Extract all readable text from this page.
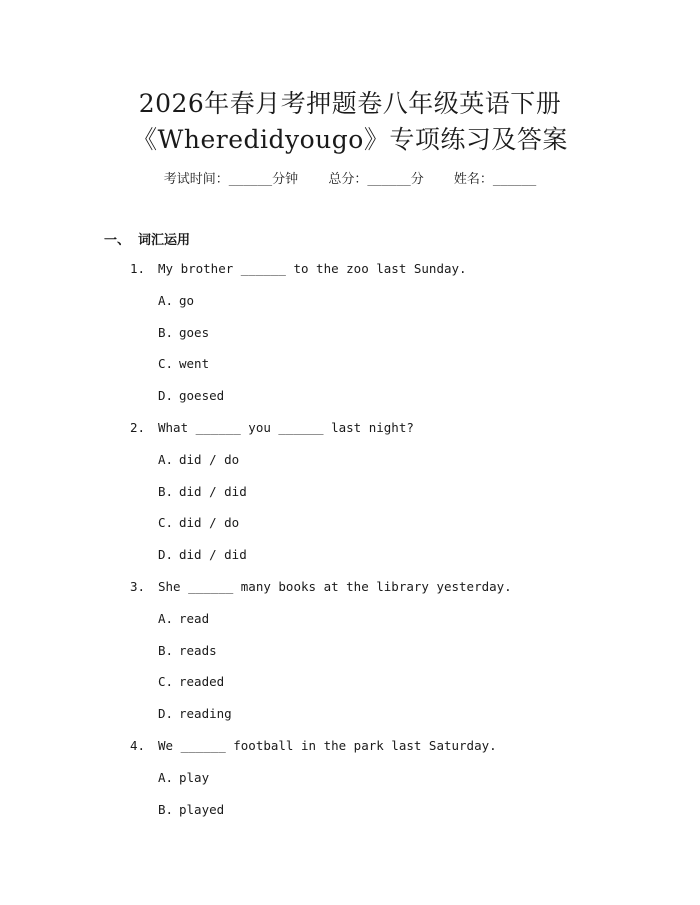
2026年春月考押题卷八年级英语下册
《Wheredidyougo》专项练习及答案
考试时间：______分钟 总分：______分 姓名：______
一、 词汇运用
1. My brother ______ to the zoo last Sunday.
A. go
B. goes
C. went
D. goesed
2. What ______ you ______ last night?
A. did / do
B. did / did
C. did / do
D. did / did
3. She ______ many books at the library yesterday.
A. read
B. reads
C. readed
D. reading
4. We ______ football in the park last Saturday.
A. play
B. played
